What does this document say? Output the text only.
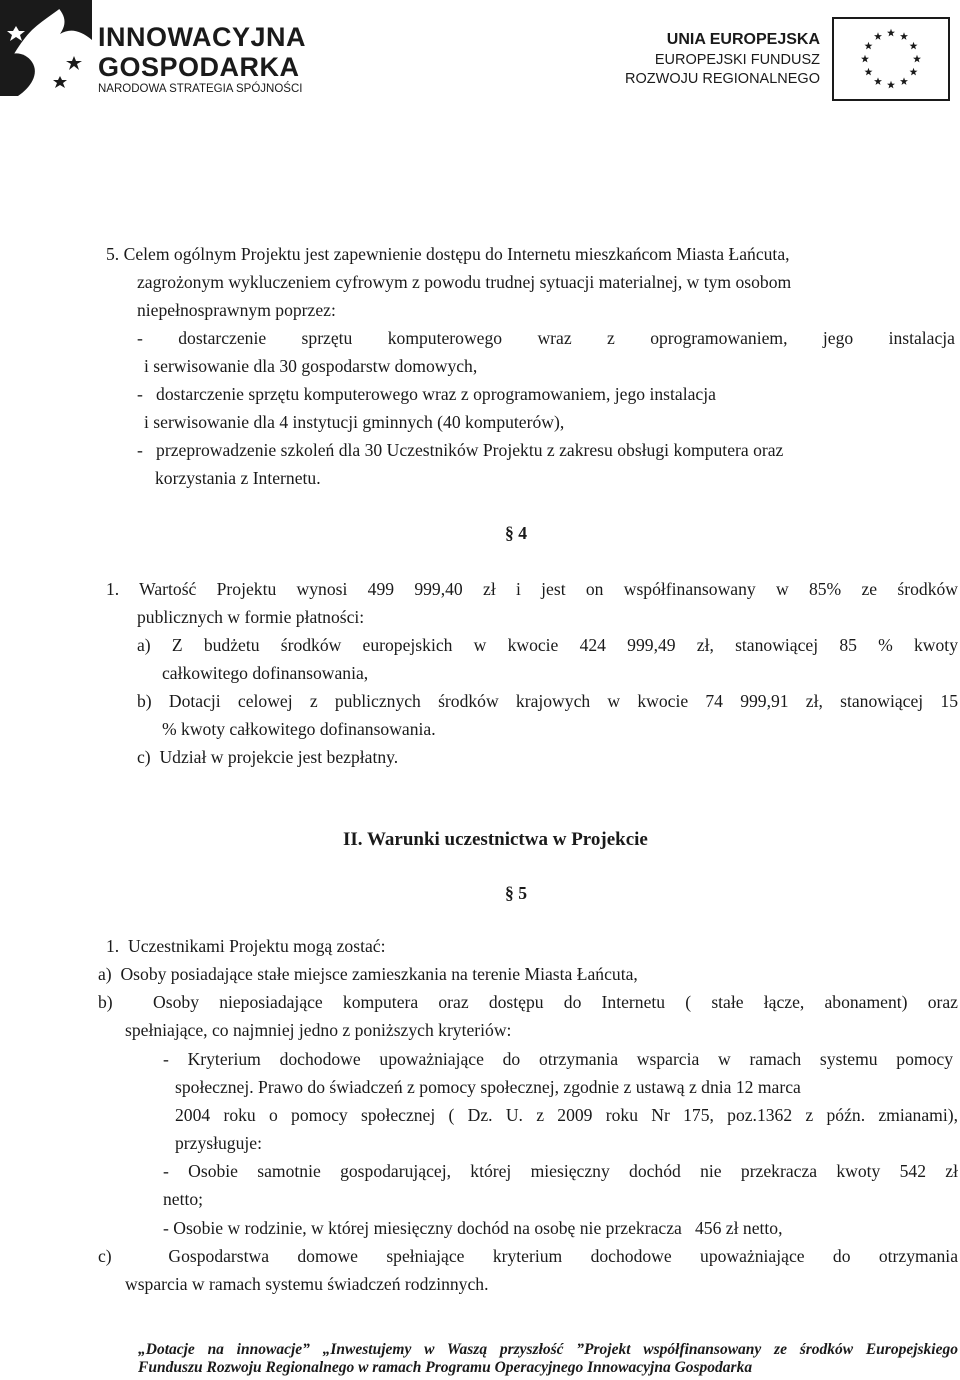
INNOWACYJNA
GOSPODARKA
NARODOWA STRATEGIA SPÓJNOŚCI
UNIA EUROPEJSKA
EUROPEJSKI FUNDUSZ
ROZWOJU REGIONALNEGO
5. Celem ogólnym Projektu jest zapewnienie dostępu do Internetu mieszkańcom Miasta Łańcuta,
zagrożonym wykluczeniem cyfrowym z powodu trudnej sytuacji materialnej, w tym osobom
niepełnosprawnym poprzez:
- dostarczenie sprzętu komputerowego wraz z oprogramowaniem, jego instalacja
i serwisowanie dla 30 gospodarstw domowych,
-   dostarczenie sprzętu komputerowego wraz z oprogramowaniem, jego instalacja
i serwisowanie dla 4 instytucji gminnych (40 komputerów),
-   przeprowadzenie szkoleń dla 30 Uczestników Projektu z zakresu obsługi komputera oraz
korzystania z Internetu.
§ 4
1. Wartość Projektu wynosi 499 999,40 zł i jest on współfinansowany w 85% ze środków
publicznych w formie płatności:
a) Z budżetu środków europejskich w kwocie 424 999,49 zł, stanowiącej 85 % kwoty
całkowitego dofinansowania,
b) Dotacji celowej z publicznych środków krajowych w kwocie 74 999,91 zł, stanowiącej 15
% kwoty całkowitego dofinansowania.
c)  Udział w projekcie jest bezpłatny.
II. Warunki uczestnictwa w Projekcie
§ 5
1.  Uczestnikami Projektu mogą zostać:
a)  Osoby posiadające stałe miejsce zamieszkania na terenie Miasta Łańcuta,
b)  Osoby nieposiadające komputera oraz dostępu do Internetu ( stałe łącze, abonament) oraz
spełniające, co najmniej jedno z poniższych kryteriów:
- Kryterium dochodowe upoważniające do otrzymania wsparcia w ramach systemu pomocy
społecznej. Prawo do świadczeń z pomocy społecznej, zgodnie z ustawą z dnia 12 marca
2004 roku o pomocy społecznej ( Dz. U. z 2009 roku Nr 175, poz.1362 z późn. zmianami),
przysługuje:
- Osobie samotnie gospodarującej, której miesięczny dochód nie przekracza kwoty 542 zł
netto;
- Osobie w rodzinie, w której miesięczny dochód na osobę nie przekracza   456 zł netto,
c)  Gospodarstwa domowe spełniające kryterium dochodowe upoważniające do otrzymania
wsparcia w ramach systemu świadczeń rodzinnych.
„Dotacje na innowacje” „Inwestujemy w Waszą przyszłość ”Projekt współfinansowany ze środków Europejskiego
Funduszu Rozwoju Regionalnego w ramach Programu Operacyjnego Innowacyjna Gospodarka
